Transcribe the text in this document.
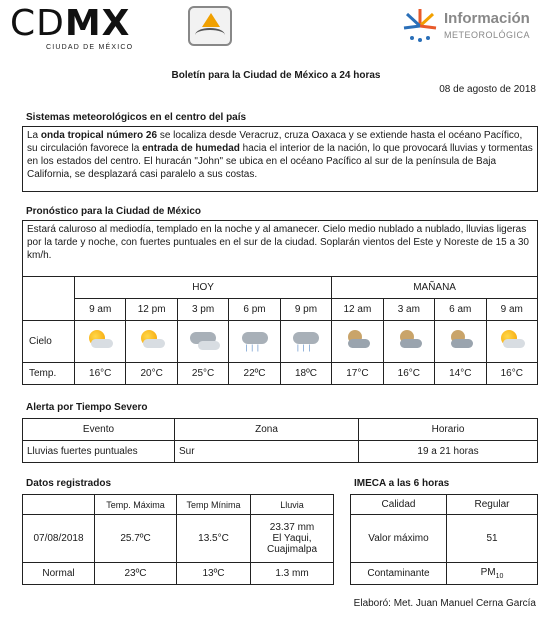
CDMX
CIUDAD DE MÉXICO
Información
METEOROLÓGICA
Boletín para la Ciudad de México a 24 horas
08 de agosto de 2018
Sistemas meteorológicos en el centro del país
La onda tropical número 26 se localiza desde Veracruz, cruza Oaxaca y se extiende hasta el océano Pacífico, su circulación favorece la entrada de humedad hacia el interior de la nación, lo que provocará lluvias y tormentas en los estados del centro. El huracán "John" se ubica en el océano Pacífico al sur de la península de Baja California, se desplazará casi paralelo a sus costas.
Pronóstico para la Ciudad de México
Estará caluroso al mediodía, templado en la noche y al amanecer. Cielo medio nublado a nublado, lluvias ligeras por la tarde y noche, con fuertes puntuales en el sur de la ciudad. Soplarán vientos del Este y Noreste de 15 a 30 km/h.
	HOY					MAÑANA			
	9 am	12 pm	3 pm	6 pm	9 pm	12 am	3 am	6 am	9 am
Cielo				| | |	| | |				

Temp.	16°C	20°C	25°C	22ºC	18ºC	17°C	16°C	14°C	16°C
Alerta por Tiempo Severo
Evento	Zona	Horario
Lluvias fuertes puntuales	Sur	19 a 21 horas
Datos registrados
	Temp. Máxima	Temp Mínima	Lluvia
07/08/2018	25.7ºC	13.5°C	23.37 mm
El Yaqui,
Cuajimalpa

Normal	23ºC	13ºC	1.3 mm
IMECA a las 6 horas
Calidad	Regular
Valor máximo	51
Contaminante	$PM_{10}$
Elaboró: Met. Juan Manuel Cerna García
